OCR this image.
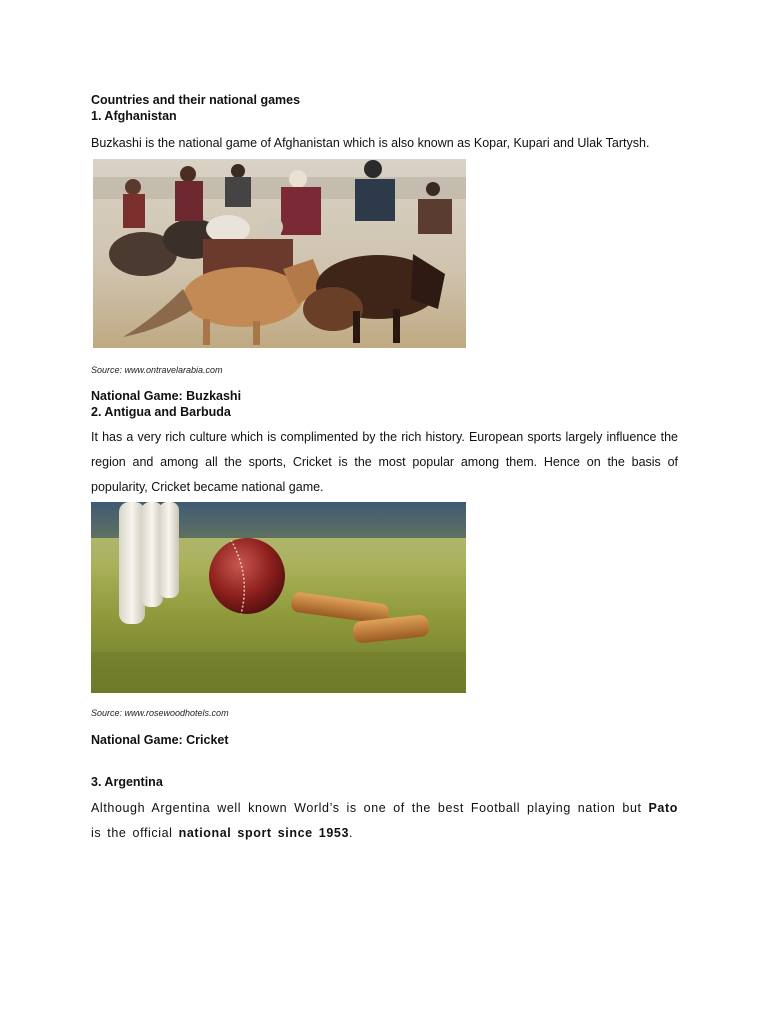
Countries and their national games

1. Afghanistan

Buzkashi is the national game of Afghanistan which is also known as Kopar, Kupari and Ulak Tartysh.

Source: www.ontravelarabia.com

National Game: Buzkashi

2. Antigua and Barbuda

It has a very rich culture which is complimented by the rich history. European sports largely influence the region and among all the sports, Cricket is the most popular among them. Hence on the basis of popularity, Cricket became national game.

Source: www.rosewoodhotels.com

National Game: Cricket

3. Argentina

Although Argentina well known World’s is one of the best Football playing nation but Pato is the official national sport since 1953.
